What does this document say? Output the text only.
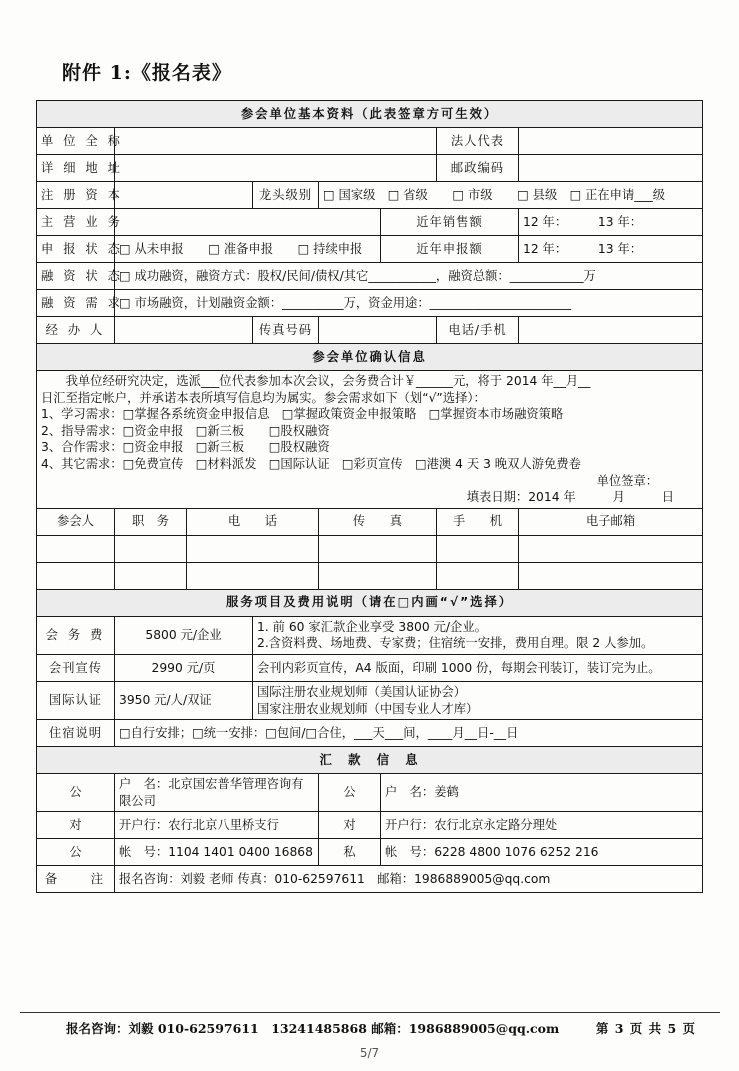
附件 1:《报名表》
参会单位基本资料（此表签章方可生效）							
单 位 全 称						法人代表	
详 细 地 址						邮政编码	
注 册 资 本			龙头级别	□ 国家级　□ 省级　　□ 市级　　□ 县级　□ 正在申请___级			
主 营 业 务					近年销售额		12 年：　　　13 年：
申 报 状 态	□ 从未申报　　□ 准备申报　　□ 持续申报				近年申报额		12 年：　　　13 年：
融 资 状 态	□ 成功融资，融资方式：股权/民间/债权/其它___________，融资总额：____________万						
融 资 需 求	□ 市场融资，计划融资金额：__________万，资金用途：_______________________						
经 办 人			传真号码			电话/手机	
参会单位确认信息							

我单位经研究决定，选派___位代表参加本次会议，会务费合计￥______元，将于 2014 年__月__

日汇至指定帐户，并承诺本表所填写信息均为属实。参会需求如下（划“√”选择）：

1、学习需求：□掌握各系统资金申报信息　□掌握政策资金申报策略　□掌握资本市场融资策略

2、指导需求：□资金申报　□新三板　　□股权融资

3、合作需求：□资金申报　□新三板　　□股权融资

4、其它需求：□免费宣传　□材料派发　□国际认证　□彩页宣传　□港澳 4 天 3 晚双人游免费卷

单位签章：

填表日期：2014 年　　　月　　　日

参会人	职　务	电　　话		传　　真		手　　机	电子邮箱

服务项目及费用说明（请在□内画“√”选择）							
会 务 费	5800 元/企业		1. 前 60 家汇款企业享受 3800 元/企业。
2.含资料费、场地费、专家费；住宿统一安排，费用自理。限 2 人参加。				

会刊宣传	2990 元/页		会刊内彩页宣传，A4 版面，印刷 1000 份，每期会刊装订，装订完为止。				
国际认证	3950 元/人/双证		国际注册农业规划师（美国认证协会）
国家注册农业规划师（中国专业人才库）				

住宿说明	□自行安排；□统一安排：□包间/□合住，___天___间，____月__日-__日						
汇　款　信　息							
公	户　名：北京国宏普华管理咨询有限公司			公	户　名：姜鹤		
对	开户行：农行北京八里桥支行			对	开户行：农行北京永定路分理处		
公	帐　号：1104 1401 0400 16868			私	帐　号：6228 4800 1076 6252 216		
备　　注	报名咨询：刘毅 老师 传真：010-62597611　邮箱：1986889005@qq.com						
报名咨询：刘毅 010-62597611　13241485868 邮箱：1986889005@qq.com	第 3 页 共 5 页
5/7
